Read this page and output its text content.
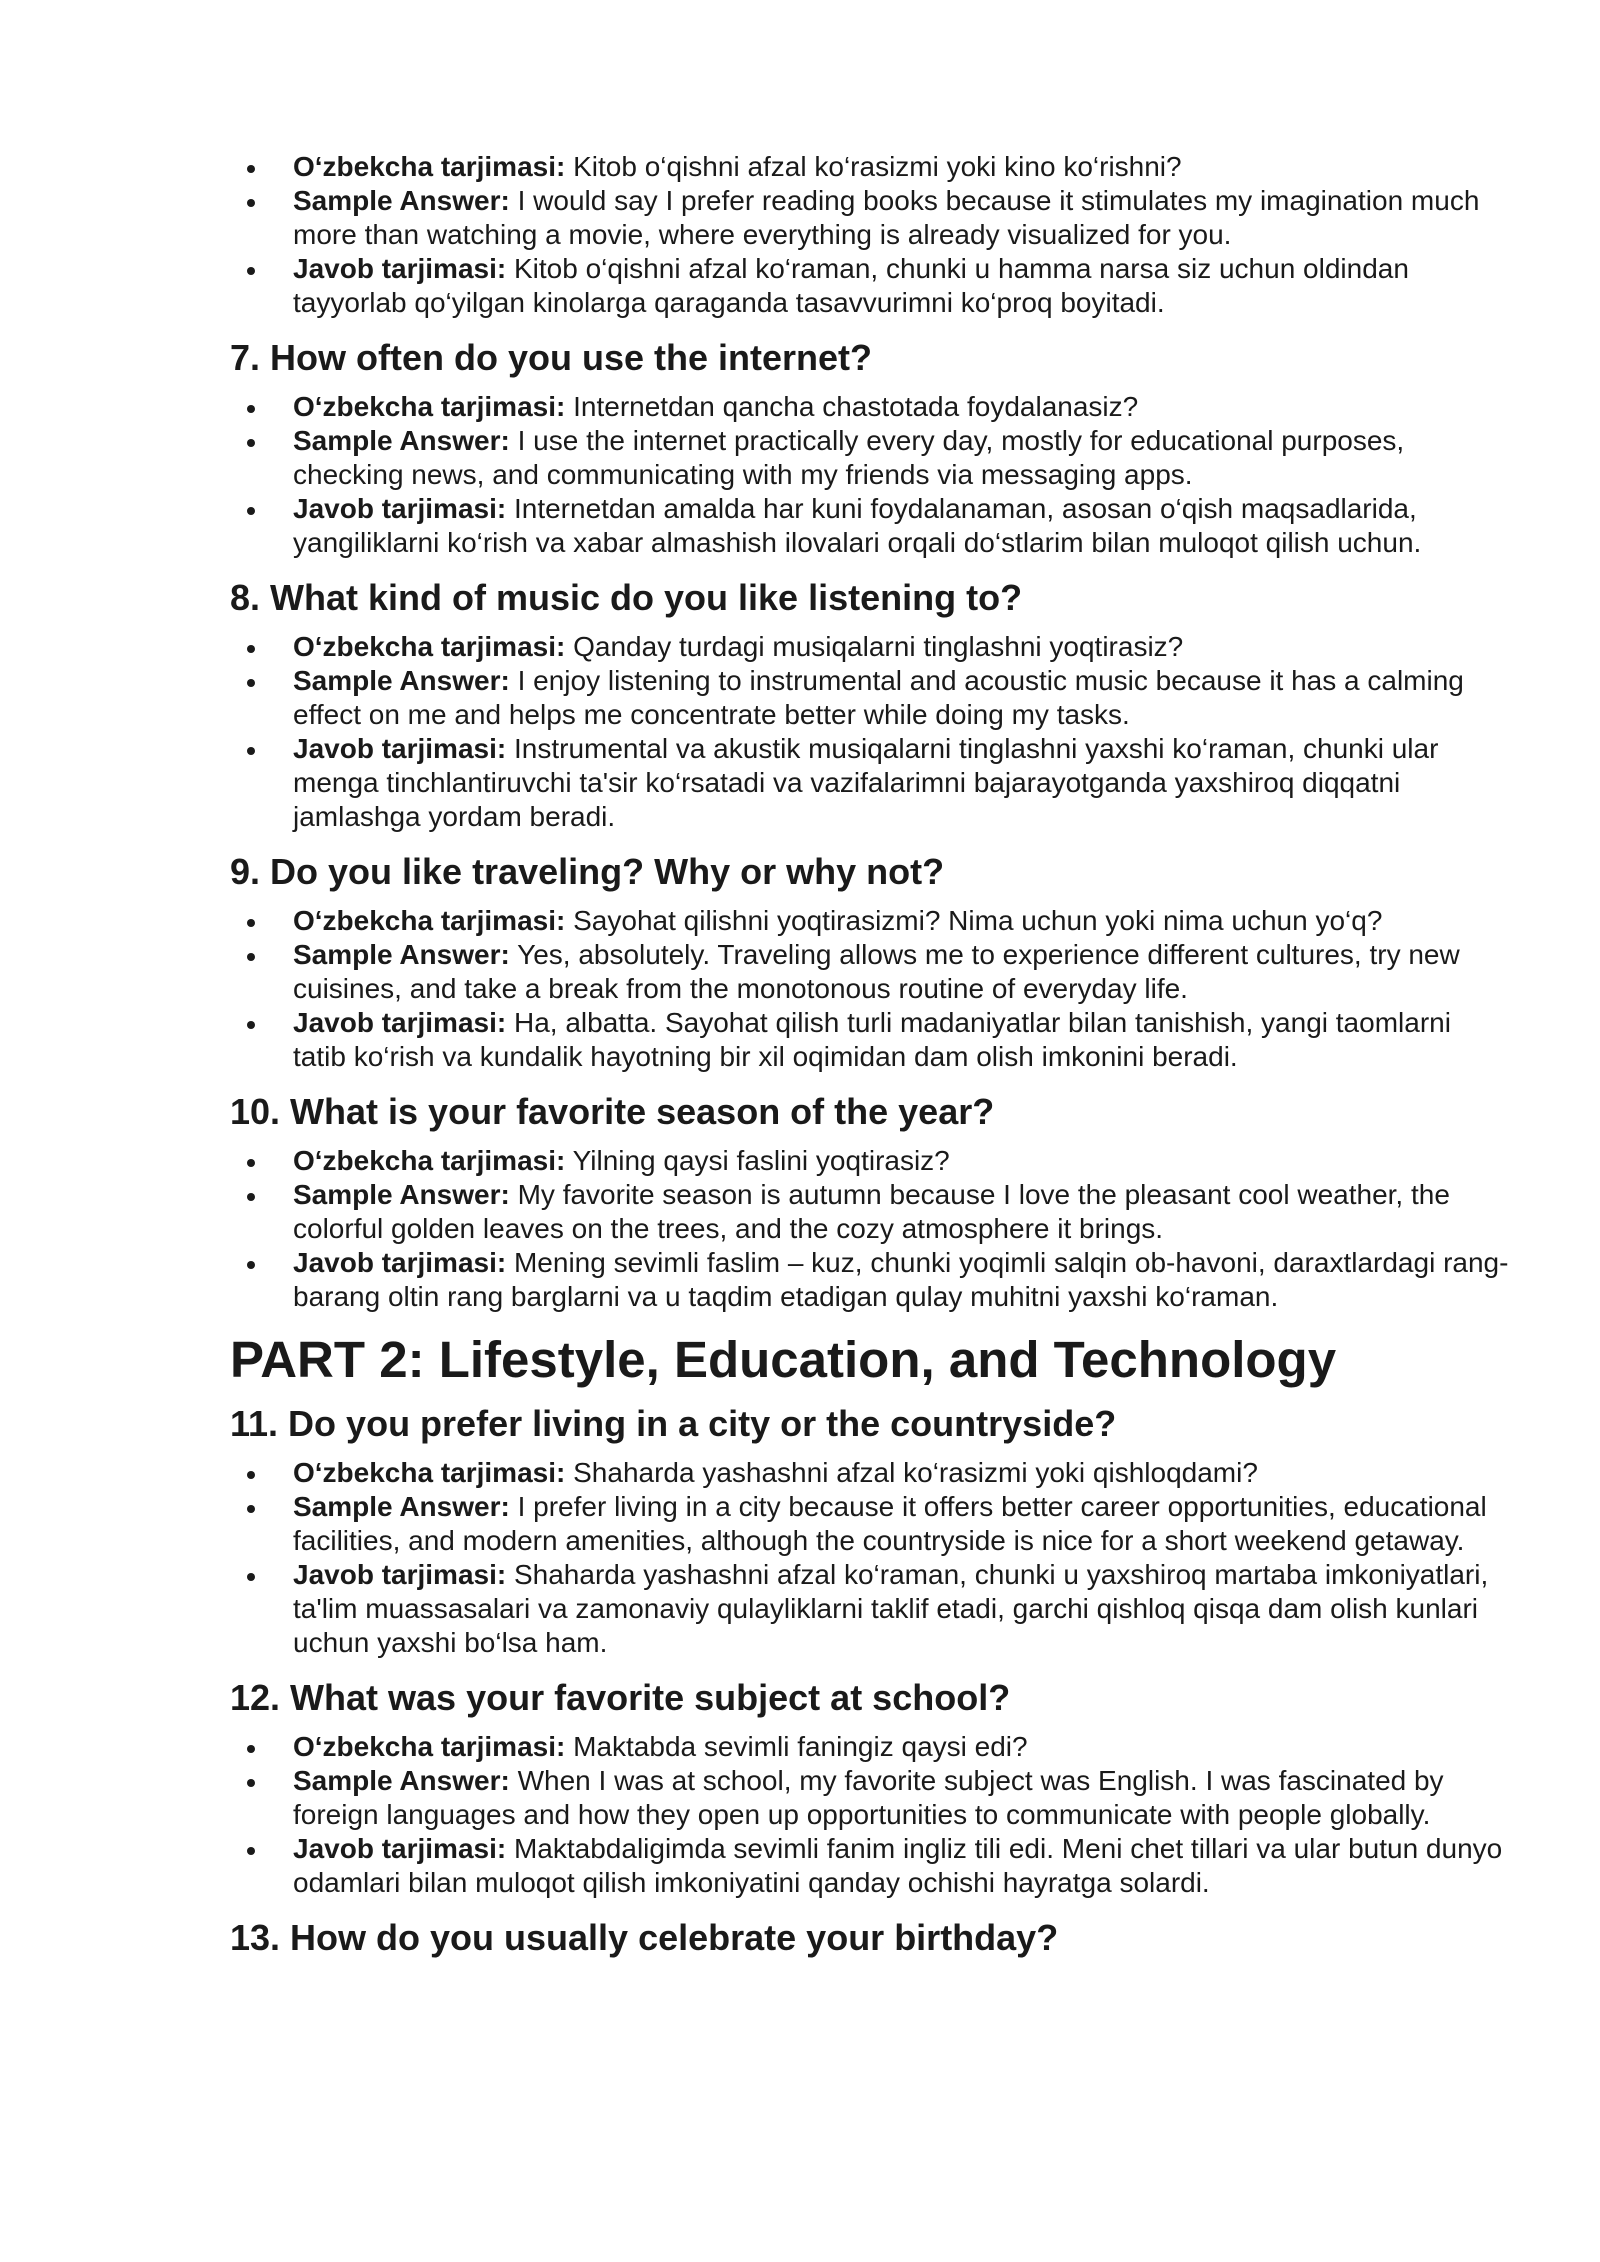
O‘zbekcha tarjimasi: Kitob o‘qishni afzal ko‘rasizmi yoki kino ko‘rishni?
Sample Answer: I would say I prefer reading books because it stimulates my imagination much more than watching a movie, where everything is already visualized for you.
Javob tarjimasi: Kitob o‘qishni afzal ko‘raman, chunki u hamma narsa siz uchun oldindan tayyorlab qo‘yilgan kinolarga qaraganda tasavvurimni ko‘proq boyitadi.
7. How often do you use the internet?
O‘zbekcha tarjimasi: Internetdan qancha chastotada foydalanasiz?
Sample Answer: I use the internet practically every day, mostly for educational purposes, checking news, and communicating with my friends via messaging apps.
Javob tarjimasi: Internetdan amalda har kuni foydalanaman, asosan o‘qish maqsadlarida, yangiliklarni ko‘rish va xabar almashish ilovalari orqali do‘stlarim bilan muloqot qilish uchun.
8. What kind of music do you like listening to?
O‘zbekcha tarjimasi: Qanday turdagi musiqalarni tinglashni yoqtirasiz?
Sample Answer: I enjoy listening to instrumental and acoustic music because it has a calming effect on me and helps me concentrate better while doing my tasks.
Javob tarjimasi: Instrumental va akustik musiqalarni tinglashni yaxshi ko‘raman, chunki ular menga tinchlantiruvchi ta'sir ko‘rsatadi va vazifalarimni bajarayotganda yaxshiroq diqqatni jamlashga yordam beradi.
9. Do you like traveling? Why or why not?
O‘zbekcha tarjimasi: Sayohat qilishni yoqtirasizmi? Nima uchun yoki nima uchun yo‘q?
Sample Answer: Yes, absolutely. Traveling allows me to experience different cultures, try new cuisines, and take a break from the monotonous routine of everyday life.
Javob tarjimasi: Ha, albatta. Sayohat qilish turli madaniyatlar bilan tanishish, yangi taomlarni tatib ko‘rish va kundalik hayotning bir xil oqimidan dam olish imkonini beradi.
10. What is your favorite season of the year?
O‘zbekcha tarjimasi: Yilning qaysi faslini yoqtirasiz?
Sample Answer: My favorite season is autumn because I love the pleasant cool weather, the colorful golden leaves on the trees, and the cozy atmosphere it brings.
Javob tarjimasi: Mening sevimli faslim – kuz, chunki yoqimli salqin ob-havoni, daraxtlardagi rang-barang oltin rang barglarni va u taqdim etadigan qulay muhitni yaxshi ko‘raman.
PART 2: Lifestyle, Education, and Technology
11. Do you prefer living in a city or the countryside?
O‘zbekcha tarjimasi: Shaharda yashashni afzal ko‘rasizmi yoki qishloqdami?
Sample Answer: I prefer living in a city because it offers better career opportunities, educational facilities, and modern amenities, although the countryside is nice for a short weekend getaway.
Javob tarjimasi: Shaharda yashashni afzal ko‘raman, chunki u yaxshiroq martaba imkoniyatlari, ta'lim muassasalari va zamonaviy qulayliklarni taklif etadi, garchi qishloq qisqa dam olish kunlari uchun yaxshi bo‘lsa ham.
12. What was your favorite subject at school?
O‘zbekcha tarjimasi: Maktabda sevimli faningiz qaysi edi?
Sample Answer: When I was at school, my favorite subject was English. I was fascinated by foreign languages and how they open up opportunities to communicate with people globally.
Javob tarjimasi: Maktabdaligimda sevimli fanim ingliz tili edi. Meni chet tillari va ular butun dunyo odamlari bilan muloqot qilish imkoniyatini qanday ochishi hayratga solardi.
13. How do you usually celebrate your birthday?
